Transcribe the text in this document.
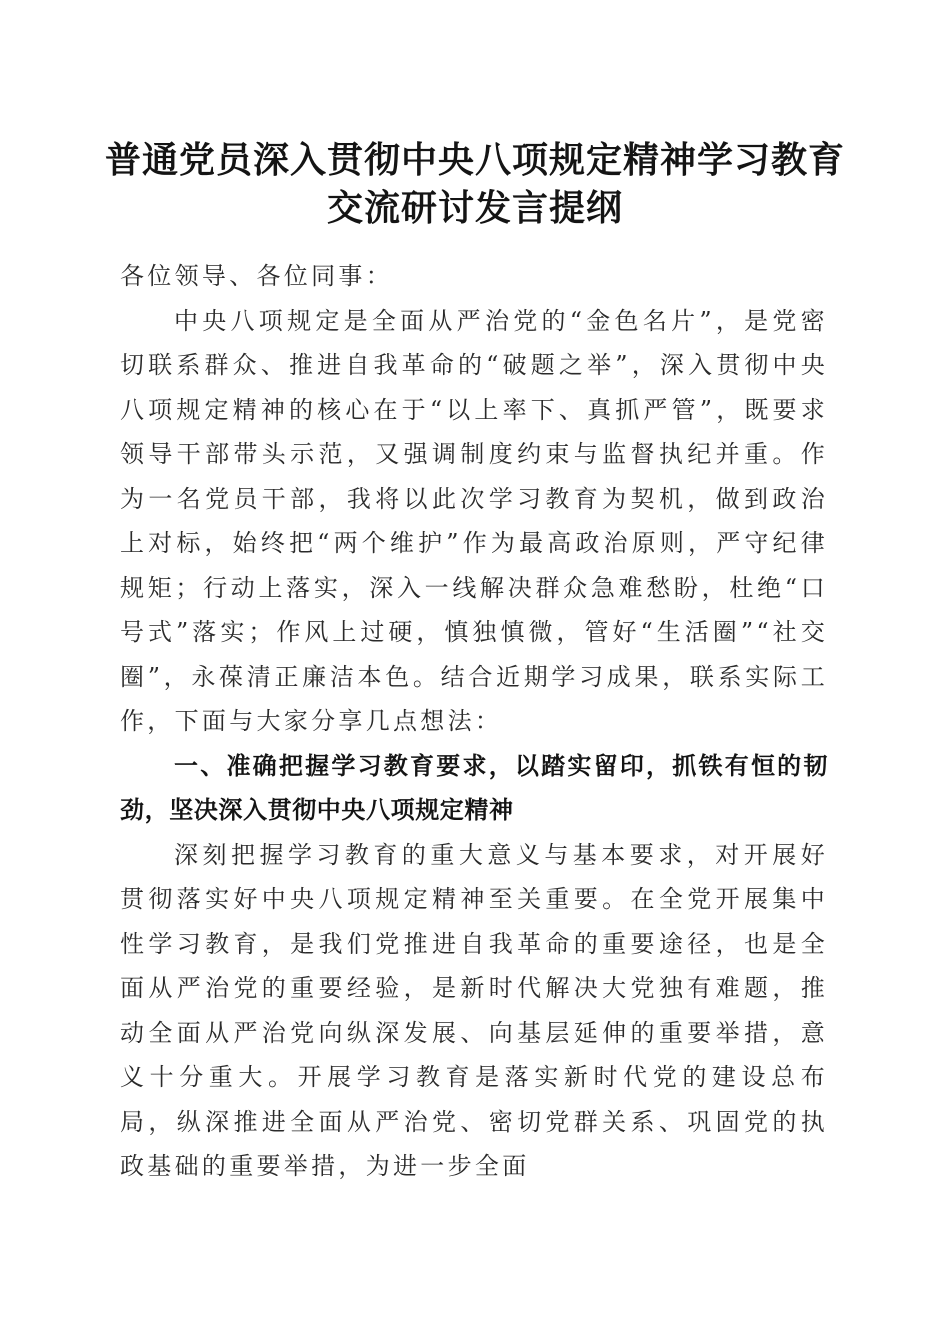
普通党员深入贯彻中央八项规定精神学习教育
交流研讨发言提纲

各位领导、各位同事：

中央八项规定是全面从严治党的“金色名片”，是党密切联系群众、推进自我革命的“破题之举”，深入贯彻中央八项规定精神的核心在于“以上率下、真抓严管”，既要求领导干部带头示范，又强调制度约束与监督执纪并重。作为一名党员干部，我将以此次学习教育为契机，做到政治上对标，始终把“两个维护”作为最高政治原则，严守纪律规矩；行动上落实，深入一线解决群众急难愁盼，杜绝“口号式”落实；作风上过硬，慎独慎微，管好“生活圈”“社交圈”，永葆清正廉洁本色。结合近期学习成果，联系实际工作，下面与大家分享几点想法：

一、准确把握学习教育要求，以踏实留印，抓铁有恒的韧劲，坚决深入贯彻中央八项规定精神

深刻把握学习教育的重大意义与基本要求，对开展好贯彻落实好中央八项规定精神至关重要。在全党开展集中性学习教育，是我们党推进自我革命的重要途径，也是全面从严治党的重要经验，是新时代解决大党独有难题，推动全面从严治党向纵深发展、向基层延伸的重要举措，意义十分重大。开展学习教育是落实新时代党的建设总布局，纵深推进全面从严治党、密切党群关系、巩固党的执政基础的重要举措，为进一步全面
